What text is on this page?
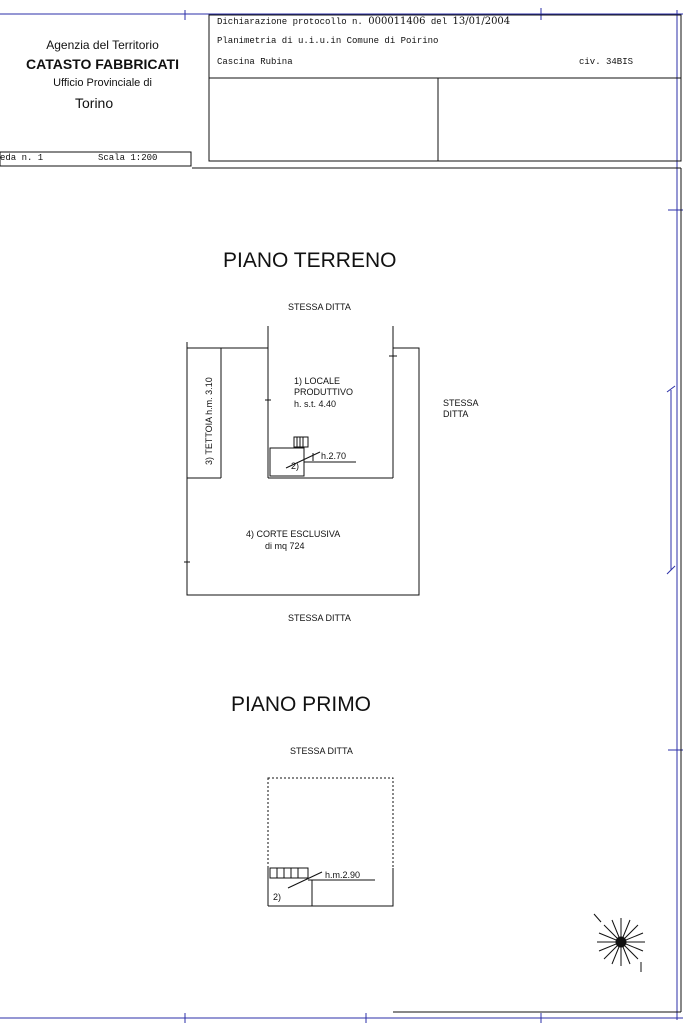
Agenzia del Territorio
CATASTO FABBRICATI
Ufficio Provinciale di
Torino
Dichiarazione protocollo n. 000011406 del 13/01/2004
Planimetria di u.i.u.in Comune di Poirino
Cascina Rubina	civ. 34BIS
eda n. 1	Scala 1:200
PIANO TERRENO
STESSA DITTA
STESSA
DITTA
1) LOCALE
PRODUTTIVO
h. s.t. 4.40
h.2.70
2)
3) TETTOIA h.m. 3.10
4) CORTE ESCLUSIVA
di mq 724
STESSA DITTA
PIANO PRIMO
STESSA DITTA
h.m.2.90
2)
